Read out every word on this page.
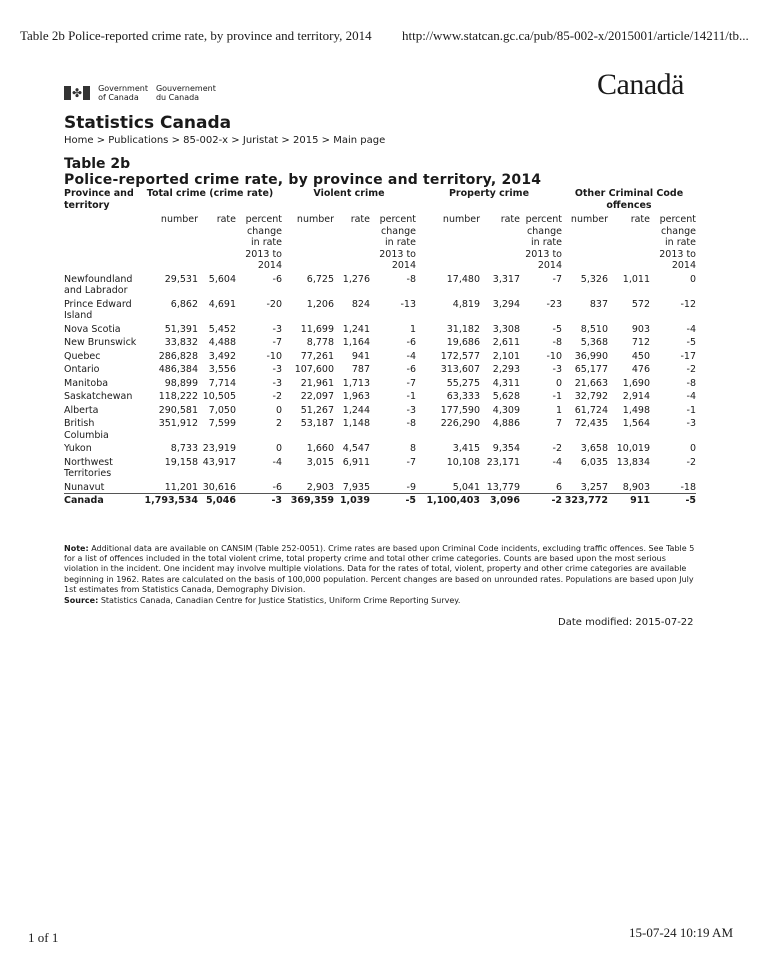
Table 2b Police-reported crime rate, by province and territory, 2014 http://www.statcan.gc.ca/pub/85-002-x/2015001/article/14211/tb...
✤ Government
of Canada
Gouvernement
du Canada	Canadä
Statistics Canada
Home > Publications > 85-002-x > Juristat > 2015 > Main page
Table 2b
Police-reported crime rate, by province and territory, 2014
Province and territory	Total crime (crime rate)			Violent crime			Property crime			Other Criminal Code offences		
	number	rate	percent change in rate 2013 to 2014	number	rate	percent change in rate 2013 to 2014	number	rate	percent change in rate 2013 to 2014	number	rate	percent change in rate 2013 to 2014
Newfoundland and Labrador	29,531	5,604	-6	6,725	1,276	-8	17,480	3,317	-7	5,326	1,011	0
Prince Edward Island	6,862	4,691	-20	1,206	824	-13	4,819	3,294	-23	837	572	-12
Nova Scotia	51,391	5,452	-3	11,699	1,241	1	31,182	3,308	-5	8,510	903	-4
New Brunswick	33,832	4,488	-7	8,778	1,164	-6	19,686	2,611	-8	5,368	712	-5
Quebec	286,828	3,492	-10	77,261	941	-4	172,577	2,101	-10	36,990	450	-17
Ontario	486,384	3,556	-3	107,600	787	-6	313,607	2,293	-3	65,177	476	-2
Manitoba	98,899	7,714	-3	21,961	1,713	-7	55,275	4,311	0	21,663	1,690	-8
Saskatchewan	118,222	10,505	-2	22,097	1,963	-1	63,333	5,628	-1	32,792	2,914	-4
Alberta	290,581	7,050	0	51,267	1,244	-3	177,590	4,309	1	61,724	1,498	-1
British Columbia	351,912	7,599	2	53,187	1,148	-8	226,290	4,886	7	72,435	1,564	-3
Yukon	8,733	23,919	0	1,660	4,547	8	3,415	9,354	-2	3,658	10,019	0
Northwest Territories	19,158	43,917	-4	3,015	6,911	-7	10,108	23,171	-4	6,035	13,834	-2
Nunavut	11,201	30,616	-6	2,903	7,935	-9	5,041	13,779	6	3,257	8,903	-18
Canada	1,793,534	5,046	-3	369,359	1,039	-5	1,100,403	3,096	-2	323,772	911	-5
Note: Additional data are available on CANSIM (Table 252-0051). Crime rates are based upon Criminal Code incidents, excluding traffic offences. See Table 5 for a list of offences included in the total violent crime, total property crime and total other crime categories. Counts are based upon the most serious violation in the incident. One incident may involve multiple violations. Data for the rates of total, violent, property and other crime categories are available beginning in 1962. Rates are calculated on the basis of 100,000 population. Percent changes are based on unrounded rates. Populations are based upon July 1st estimates from Statistics Canada, Demography Division.
Source: Statistics Canada, Canadian Centre for Justice Statistics, Uniform Crime Reporting Survey.
Date modified: 2015-07-22
1 of 1	15-07-24 10:19 AM
